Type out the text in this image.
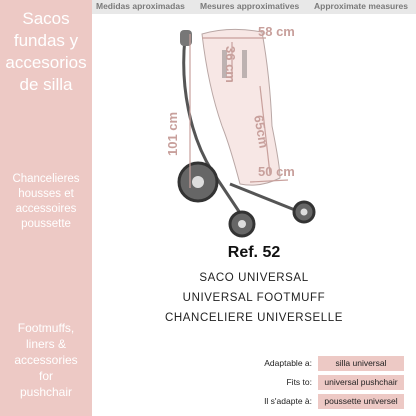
Sacos
fundas y
accesorios
de silla
Chancelieres
housses et
accessoires
poussette
Footmuffs,
liners &
accessories
for
pushchair
Medidas aproximadas Mesures approximatives Approximate measures
58 cm
36 cm
101 cm	65cm
50 cm
Ref. 52
SACO UNIVERSAL
UNIVERSAL FOOTMUFF
CHANCELIERE UNIVERSELLE
Adaptable a:	silla universal
Fits to:	universal pushchair
Il s'adapte à:	poussette universel
